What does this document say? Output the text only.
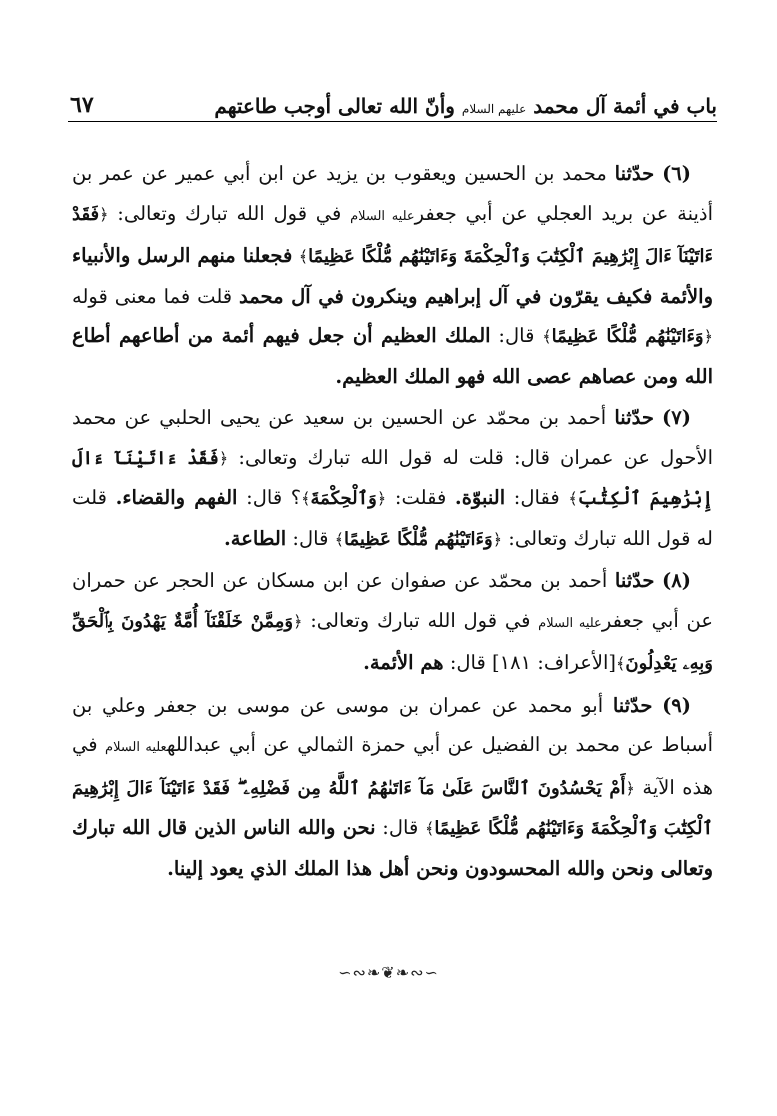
باب في أئمة آل محمد عليهم السلام وأنّ الله تعالى أوجب طاعتهم
٦٧

(٦) حدّثنا محمد بن الحسين ويعقوب بن يزيد عن ابن أبي عمير عن عمر بن أذينة عن بريد العجلي عن أبي جعفرعليه السلام في قول الله تبارك وتعالى: ﴿فَقَدْ ءَاتَيْنَآ ءَالَ إِبْرَٰهِيمَ ٱلْكِتَٰبَ وَٱلْحِكْمَةَ وَءَاتَيْنَٰهُم مُّلْكًا عَظِيمًا﴾ فجعلنا منهم الرسل والأنبياء والأئمة فكيف يقرّون في آل إبراهيم وينكرون في آل محمد قلت فما معنى قوله ﴿وَءَاتَيْنَٰهُم مُّلْكًا عَظِيمًا﴾ قال: الملك العظيم أن جعل فيهم أئمة من أطاعهم أطاع الله ومن عصاهم عصى الله فهو الملك العظيم.

(٧) حدّثنا أحمد بن محمّد عن الحسين بن سعيد عن يحيى الحلبي عن محمد الأحول عن عمران قال: قلت له قول الله تبارك وتعالى: ﴿فَقَدْ ءَاتَيْنَآ ءَالَ إِبْرَٰهِيمَ ٱلْكِتَٰبَ﴾ فقال: النبوّة. فقلت: ﴿وَٱلْحِكْمَةَ﴾؟ قال: الفهم والقضاء. قلت له قول الله تبارك وتعالى: ﴿وَءَاتَيْنَٰهُم مُّلْكًا عَظِيمًا﴾ قال: الطاعة.

(٨) حدّثنا أحمد بن محمّد عن صفوان عن ابن مسكان عن الحجر عن حمران عن أبي جعفرعليه السلام في قول الله تبارك وتعالى: ﴿وَمِمَّنْ خَلَقْنَآ أُمَّةٌ يَهْدُونَ بِٱلْحَقِّ وَبِهِۦ يَعْدِلُونَ﴾[الأعراف: ١٨١] قال: هم الأئمة.

(٩) حدّثنا أبو محمد عن عمران بن موسى عن موسى بن جعفر وعلي بن أسباط عن محمد بن الفضيل عن أبي حمزة الثمالي عن أبي عبداللهعليه السلام في هذه الآية ﴿أَمْ يَحْسُدُونَ ٱلنَّاسَ عَلَىٰ مَآ ءَاتَىٰهُمُ ٱللَّهُ مِن فَضْلِهِۦ ۖ فَقَدْ ءَاتَيْنَآ ءَالَ إِبْرَٰهِيمَ ٱلْكِتَٰبَ وَٱلْحِكْمَةَ وَءَاتَيْنَٰهُم مُّلْكًا عَظِيمًا﴾ قال: نحن والله الناس الذين قال الله تبارك وتعالى ونحن والله المحسودون ونحن أهل هذا الملك الذي يعود إلينا.

∽∾❧❦❧∾∽
